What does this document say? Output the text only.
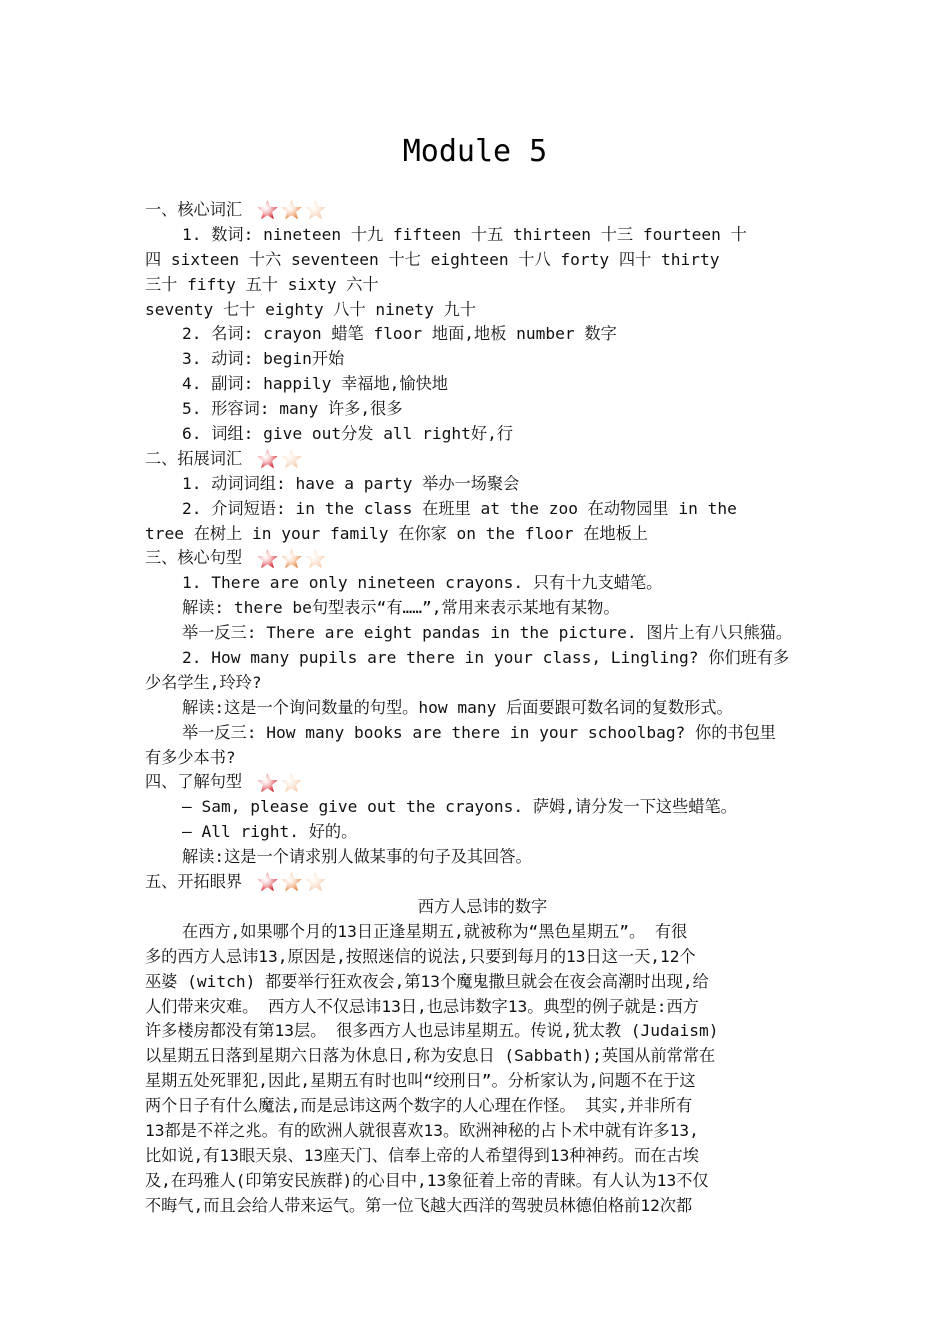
Module 5
一、核心词汇
1. 数词: nineteen 十九 fifteen 十五 thirteen 十三 fourteen 十
四 sixteen 十六 seventeen 十七 eighteen 十八 forty 四十 thirty
三十 fifty 五十 sixty 六十
seventy 七十 eighty 八十 ninety 九十
2. 名词: crayon 蜡笔 floor 地面,地板 number 数字
3. 动词: begin开始
4. 副词: happily 幸福地,愉快地
5. 形容词: many 许多,很多
6. 词组: give out分发 all right好,行
二、拓展词汇
1. 动词词组: have a party 举办一场聚会
2. 介词短语: in the class 在班里 at the zoo 在动物园里 in the
tree 在树上 in your family 在你家 on the floor 在地板上
三、核心句型
1. There are only nineteen crayons. 只有十九支蜡笔。
解读: there be句型表示“有……”,常用来表示某地有某物。
举一反三: There are eight pandas in the picture. 图片上有八只熊猫。
2. How many pupils are there in your class, Lingling? 你们班有多
少名学生,玲玲?
解读:这是一个询问数量的句型。how many 后面要跟可数名词的复数形式。
举一反三: How many books are there in your schoolbag? 你的书包里
有多少本书?
四、了解句型
— Sam, please give out the crayons. 萨姆,请分发一下这些蜡笔。
— All right. 好的。
解读:这是一个请求别人做某事的句子及其回答。
五、开拓眼界
西方人忌讳的数字
在西方,如果哪个月的13日正逢星期五,就被称为“黑色星期五”。 有很
多的西方人忌讳13,原因是,按照迷信的说法,只要到每月的13日这一天,12个
巫婆 (witch) 都要举行狂欢夜会,第13个魔鬼撒旦就会在夜会高潮时出现,给
人们带来灾难。 西方人不仅忌讳13日,也忌讳数字13。典型的例子就是:西方
许多楼房都没有第13层。 很多西方人也忌讳星期五。传说,犹太教 (Judaism)
以星期五日落到星期六日落为休息日,称为安息日 (Sabbath);英国从前常常在
星期五处死罪犯,因此,星期五有时也叫“绞刑日”。分析家认为,问题不在于这
两个日子有什么魔法,而是忌讳这两个数字的人心理在作怪。 其实,并非所有
13都是不祥之兆。有的欧洲人就很喜欢13。欧洲神秘的占卜术中就有许多13,
比如说,有13眼天泉、13座天门、信奉上帝的人希望得到13种神药。而在古埃
及,在玛雅人(印第安民族群)的心目中,13象征着上帝的青睐。有人认为13不仅
不晦气,而且会给人带来运气。第一位飞越大西洋的驾驶员林德伯格前12次都
